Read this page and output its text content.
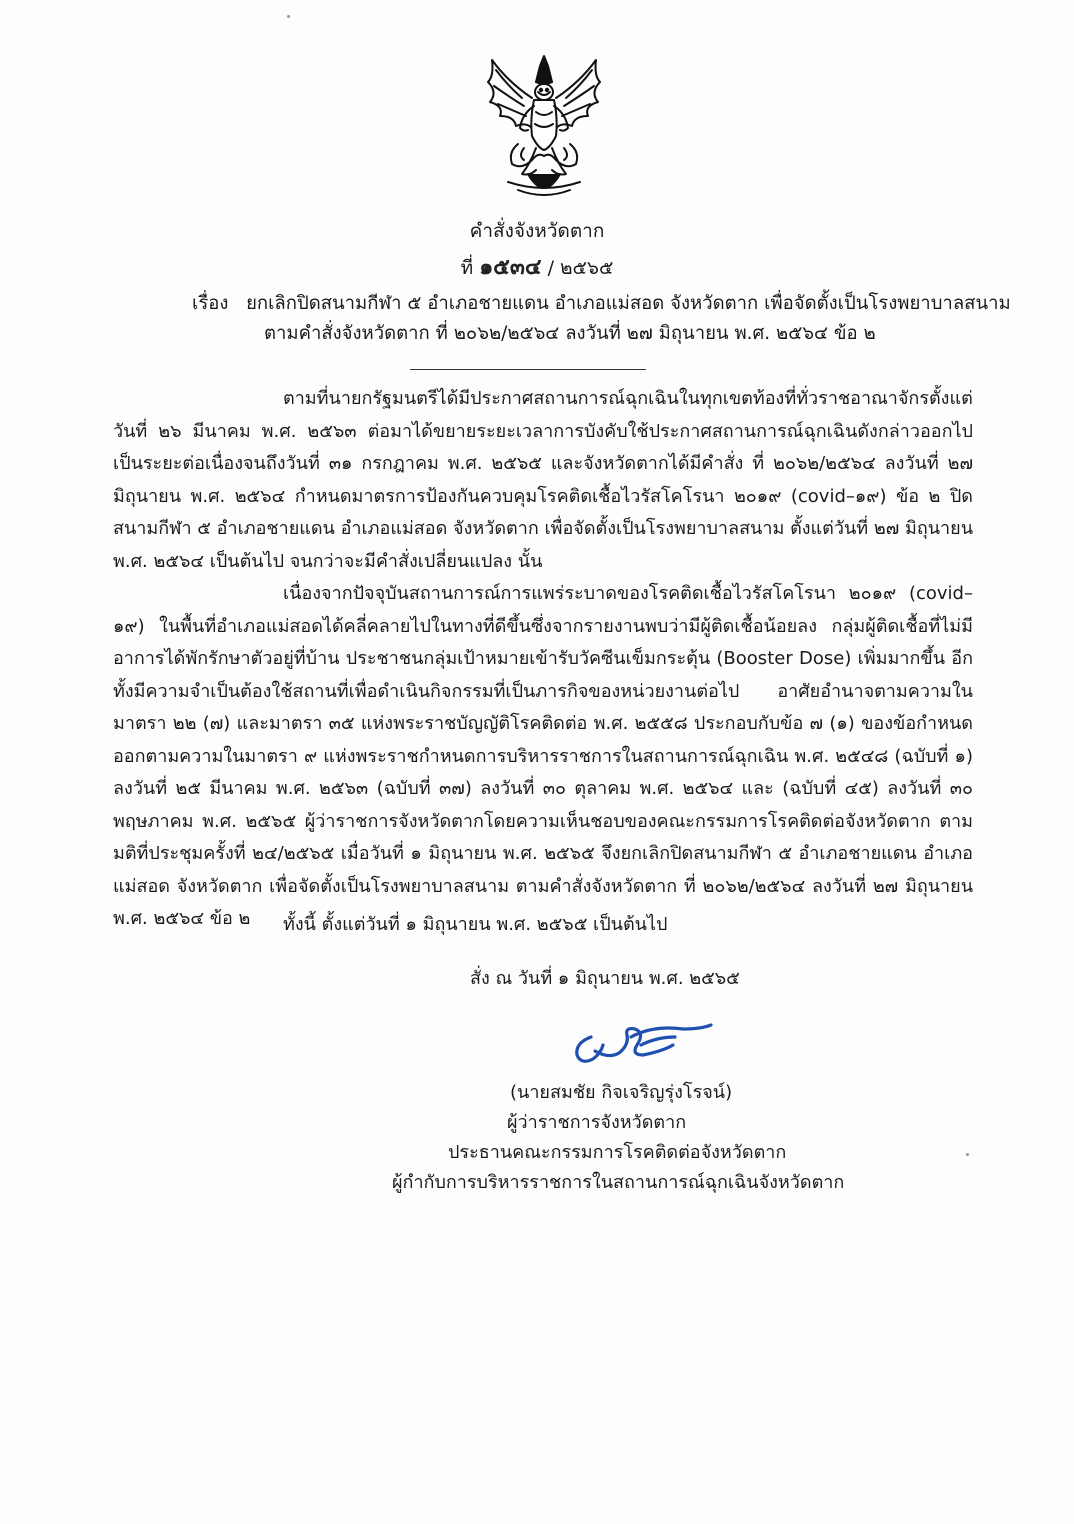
คำสั่งจังหวัดตาก
ที่ ๑๕๓๔ / ๒๕๖๕
เรื่อง ยกเลิกปิดสนามกีฬา ๕ อำเภอชายแดน อำเภอแม่สอด จังหวัดตาก เพื่อจัดตั้งเป็นโรงพยาบาลสนาม
ตามคำสั่งจังหวัดตาก ที่ ๒๐๖๒/๒๕๖๔ ลงวันที่ ๒๗ มิถุนายน พ.ศ. ๒๕๖๔ ข้อ ๒
ตามที่นายกรัฐมนตรีได้มีประกาศสถานการณ์ฉุกเฉินในทุกเขตท้องที่ทั่วราชอาณาจักรตั้งแต่วันที่ ๒๖ มีนาคม พ.ศ. ๒๕๖๓ ต่อมาได้ขยายระยะเวลาการบังคับใช้ประกาศสถานการณ์ฉุกเฉินดังกล่าวออกไปเป็นระยะต่อเนื่องจนถึงวันที่ ๓๑ กรกฎาคม พ.ศ. ๒๕๖๕ และจังหวัดตากได้มีคำสั่ง ที่ ๒๐๖๒/๒๕๖๔ ลงวันที่ ๒๗ มิถุนายน พ.ศ. ๒๕๖๔ กำหนดมาตรการป้องกันควบคุมโรคติดเชื้อไวรัสโคโรนา ๒๐๑๙ (covid–๑๙) ข้อ ๒ ปิดสนามกีฬา ๕ อำเภอชายแดน อำเภอแม่สอด จังหวัดตาก เพื่อจัดตั้งเป็นโรงพยาบาลสนาม ตั้งแต่วันที่ ๒๗ มิถุนายน พ.ศ. ๒๕๖๔ เป็นต้นไป จนกว่าจะมีคำสั่งเปลี่ยนแปลง นั้น
เนื่องจากปัจจุบันสถานการณ์การแพร่ระบาดของโรคติดเชื้อไวรัสโคโรนา ๒๐๑๙ (covid–๑๙) ในพื้นที่อำเภอแม่สอดได้คลี่คลายไปในทางที่ดีขึ้นซึ่งจากรายงานพบว่ามีผู้ติดเชื้อน้อยลง กลุ่มผู้ติดเชื้อที่ไม่มีอาการได้พักรักษาตัวอยู่ที่บ้าน ประชาชนกลุ่มเป้าหมายเข้ารับวัคซีนเข็มกระตุ้น (Booster Dose) เพิ่มมากขึ้น อีกทั้งมีความจำเป็นต้องใช้สถานที่เพื่อดำเนินกิจกรรมที่เป็นภารกิจของหน่วยงานต่อไป อาศัยอำนาจตามความในมาตรา ๒๒ (๗) และมาตรา ๓๕ แห่งพระราชบัญญัติโรคติดต่อ พ.ศ. ๒๕๕๘ ประกอบกับข้อ ๗ (๑) ของข้อกำหนดออกตามความในมาตรา ๙ แห่งพระราชกำหนดการบริหารราชการในสถานการณ์ฉุกเฉิน พ.ศ. ๒๕๔๘ (ฉบับที่ ๑) ลงวันที่ ๒๕ มีนาคม พ.ศ. ๒๕๖๓ (ฉบับที่ ๓๗) ลงวันที่ ๓๐ ตุลาคม พ.ศ. ๒๕๖๔ และ (ฉบับที่ ๔๕) ลงวันที่ ๓๐ พฤษภาคม พ.ศ. ๒๕๖๕ ผู้ว่าราชการจังหวัดตากโดยความเห็นชอบของคณะกรรมการโรคติดต่อจังหวัดตาก ตามมติที่ประชุมครั้งที่ ๒๔/๒๕๖๕ เมื่อวันที่ ๑ มิถุนายน พ.ศ. ๒๕๖๕ จึงยกเลิกปิดสนามกีฬา ๕ อำเภอชายแดน อำเภอแม่สอด จังหวัดตาก เพื่อจัดตั้งเป็นโรงพยาบาลสนาม ตามคำสั่งจังหวัดตาก ที่ ๒๐๖๒/๒๕๖๔ ลงวันที่ ๒๗ มิถุนายน พ.ศ. ๒๕๖๔ ข้อ ๒	ทั้งนี้ ตั้งแต่วันที่ ๑ มิถุนายน พ.ศ. ๒๕๖๕ เป็นต้นไป
สั่ง ณ วันที่ ๑ มิถุนายน พ.ศ. ๒๕๖๕
(นายสมชัย กิจเจริญรุ่งโรจน์)
ผู้ว่าราชการจังหวัดตาก
ประธานคณะกรรมการโรคติดต่อจังหวัดตาก
ผู้กำกับการบริหารราชการในสถานการณ์ฉุกเฉินจังหวัดตาก
